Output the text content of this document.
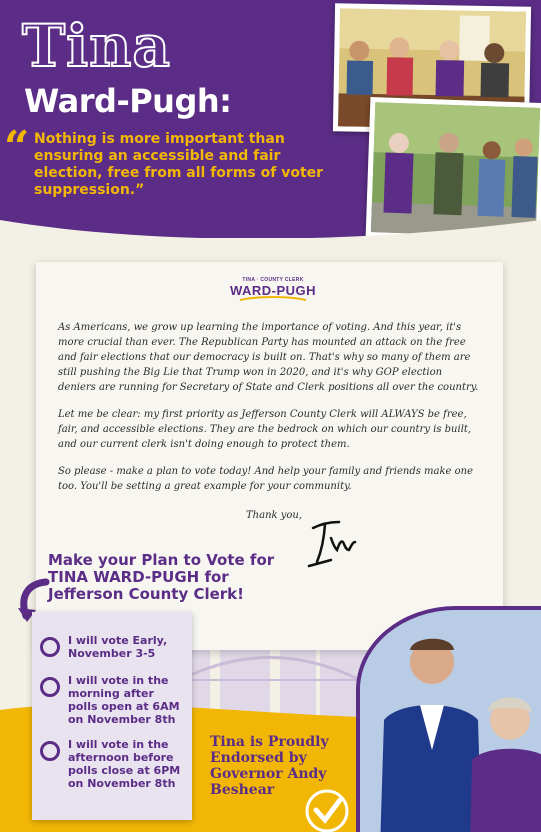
Tina
Ward-Pugh:
“ Nothing is more important than ensuring an accessible and fair election, free from all forms of voter suppression.”
TINA · COUNTY CLERK
WARD-PUGH

As Americans, we grow up learning the importance of voting. And this year, it's more crucial than ever. The Republican Party has mounted an attack on the free and fair elections that our democracy is built on. That's why so many of them are still pushing the Big Lie that Trump won in 2020, and it's why GOP election deniers are running for Secretary of State and Clerk positions all over the country.

Let me be clear: my first priority as Jefferson County Clerk will ALWAYS be free, fair, and accessible elections. They are the bedrock on which our country is built, and our current clerk isn't doing enough to protect them.

So please - make a plan to vote today! And help your family and friends make one too. You'll be setting a great example for your community.

Thank you,
Make your Plan to Vote for TINA WARD-PUGH for Jefferson County Clerk!
I will vote Early, November 3-5
I will vote in the morning after polls open at 6AM on November 8th
I will vote in the afternoon before polls close at 6PM on November 8th
Tina is Proudly Endorsed by Governor Andy Beshear
